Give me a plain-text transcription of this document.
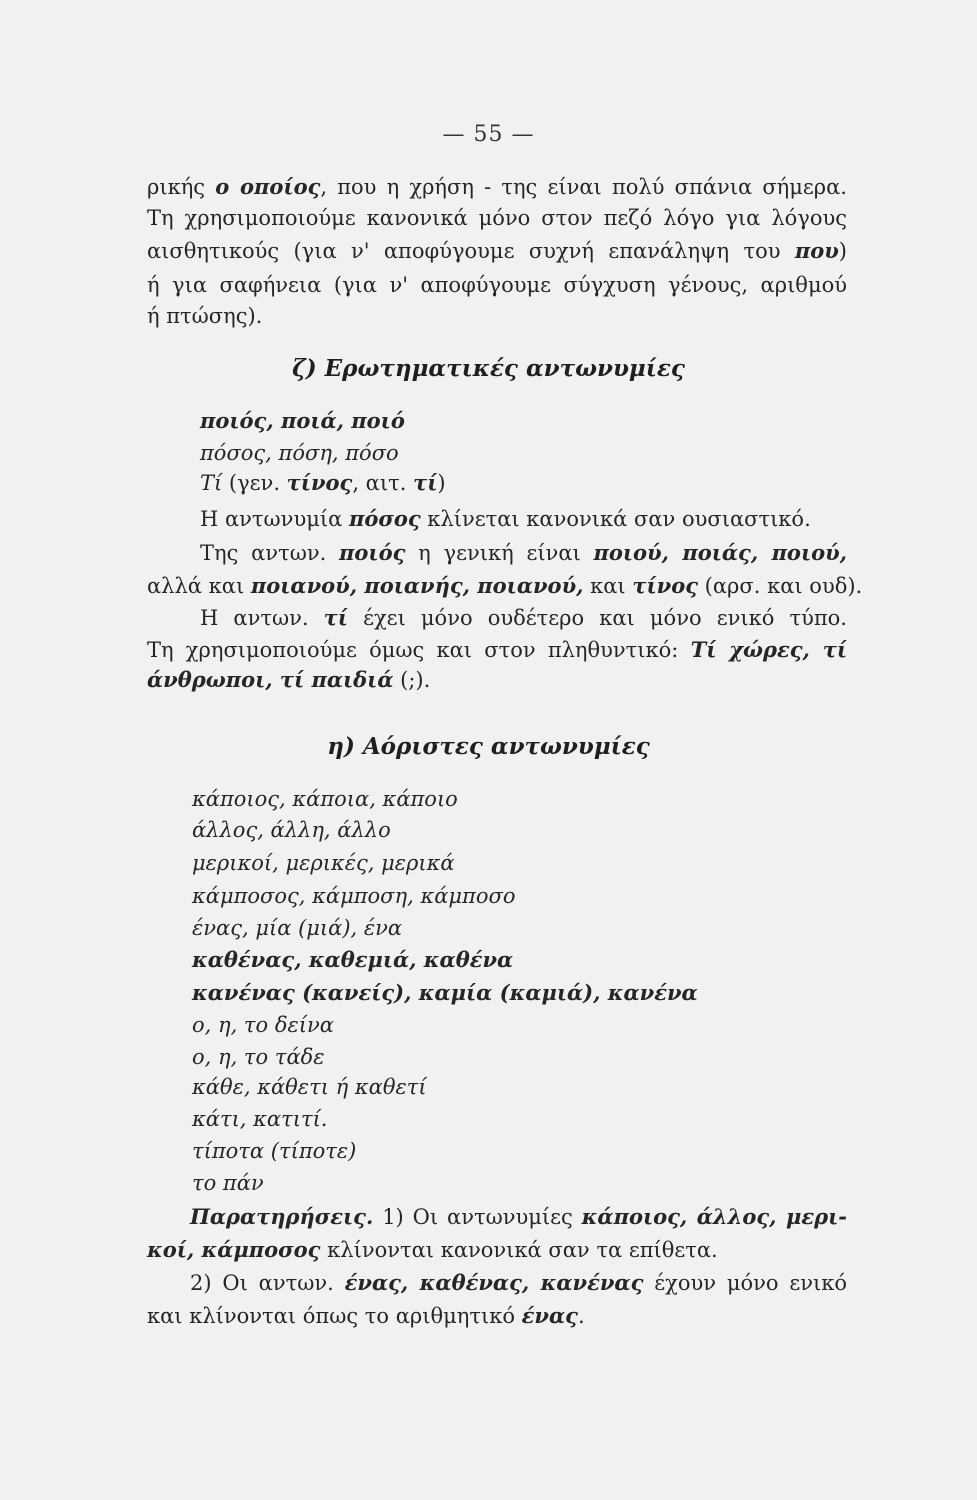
— 55 —
ρικής ο οποίος, που η χρήση - της είναι πολύ σπάνια σήμερα.
Τη χρησιμοποιούμε κανονικά μόνο στον πεζό λόγο για λόγους
αισθητικούς (για ν' αποφύγουμε συχνή επανάληψη του που)
ή για σαφήνεια (για ν' αποφύγουμε σύγχυση γένους, αριθμού
ή πτώσης).
ζ) Ερωτηματικές αντωνυμίες
ποιός, ποιά, ποιό
πόσος, πόση, πόσο
Τί (γεν. τίνος, αιτ. τί)
Η αντωνυμία πόσος κλίνεται κανονικά σαν ουσιαστικό.
Της αντων. ποιός η γενική είναι ποιού, ποιάς, ποιού,
αλλά και ποιανού, ποιανής, ποιανού, και τίνος (αρσ. και ουδ).
Η αντων. τί έχει μόνο ουδέτερο και μόνο ενικό τύπο.
Τη χρησιμοποιούμε όμως και στον πληθυντικό: Τί χώρες, τί
άνθρωποι, τί παιδιά (;).
η) Αόριστες αντωνυμίες
κάποιος, κάποια, κάποιο
άλλος, άλλη, άλλο
μερικοί, μερικές, μερικά
κάμποσος, κάμποση, κάμποσο
ένας, μία (μιά), ένα
καθένας, καθεμιά, καθένα
κανένας (κανείς), καμία (καμιά), κανένα
ο, η, το δείνα
ο, η, το τάδε
κάθε, κάθετι ή καθετί
κάτι, κατιτί.
τίποτα (τίποτε)
το πάν
Παρατηρήσεις. 1) Οι αντωνυμίες κάποιος, άλλος, μερι-
κοί, κάμποσος κλίνονται κανονικά σαν τα επίθετα.
2) Οι αντων. ένας, καθένας, κανένας έχουν μόνο ενικό
και κλίνονται όπως το αριθμητικό ένας.
